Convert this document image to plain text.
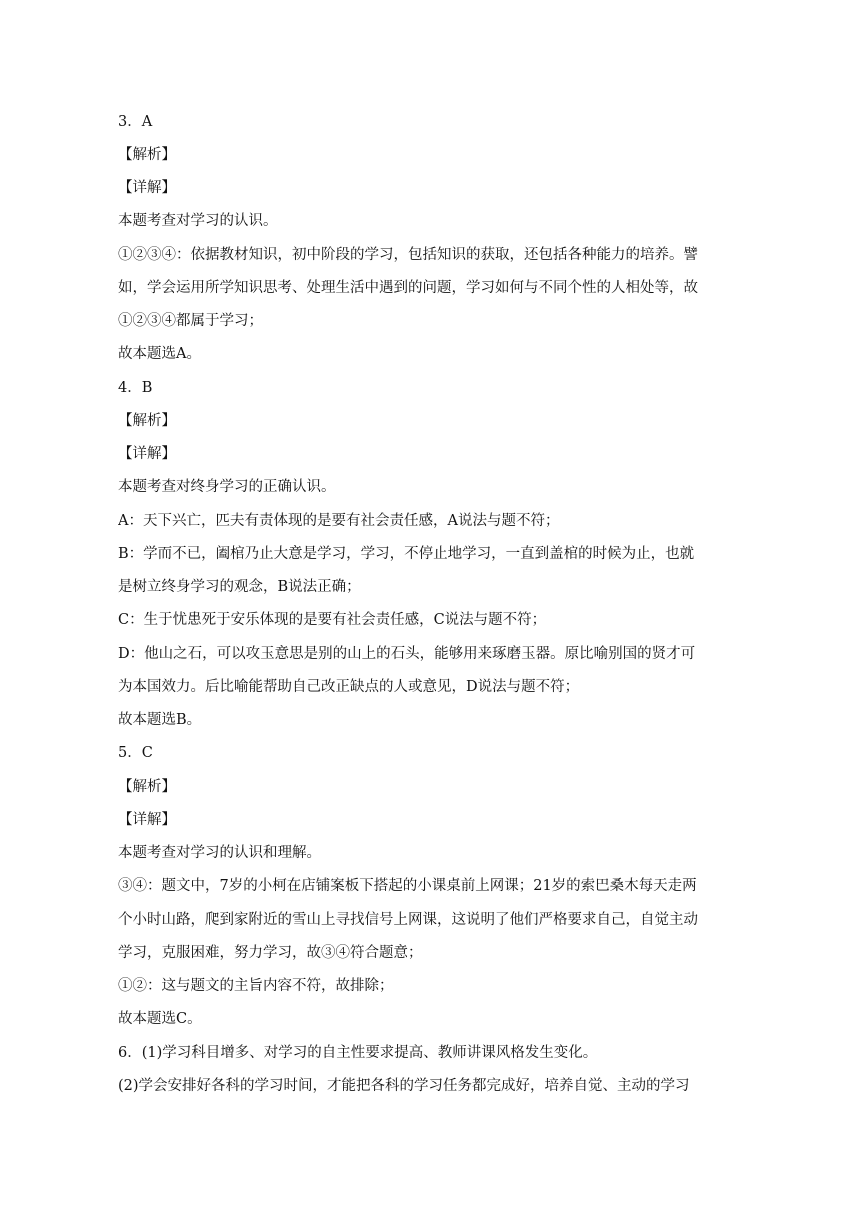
3．A

【解析】

【详解】

本题考查对学习的认识。

①②③④：依据教材知识，初中阶段的学习，包括知识的获取，还包括各种能力的培养。譬

如，学会运用所学知识思考、处理生活中遇到的问题，学习如何与不同个性的人相处等，故

①②③④都属于学习；

故本题选A。

4．B

【解析】

【详解】

本题考查对终身学习的正确认识。

A：天下兴亡，匹夫有责体现的是要有社会责任感，A说法与题不符；

B：学而不已，阖棺乃止大意是学习，学习，不停止地学习，一直到盖棺的时候为止，也就

是树立终身学习的观念，B说法正确；

C：生于忧患死于安乐体现的是要有社会责任感，C说法与题不符；

D：他山之石，可以攻玉意思是别的山上的石头，能够用来琢磨玉器。原比喻别国的贤才可

为本国效力。后比喻能帮助自己改正缺点的人或意见，D说法与题不符；

故本题选B。

5．C

【解析】

【详解】

本题考查对学习的认识和理解。

③④：题文中，7岁的小柯在店铺案板下搭起的小课桌前上网课；21岁的索巴桑木每天走两

个小时山路，爬到家附近的雪山上寻找信号上网课，这说明了他们严格要求自己，自觉主动

学习，克服困难，努力学习，故③④符合题意；

①②：这与题文的主旨内容不符，故排除；

故本题选C。

6．(1)学习科目增多、对学习的自主性要求提高、教师讲课风格发生变化。

(2)学会安排好各科的学习时间，才能把各科的学习任务都完成好，培养自觉、主动的学习
